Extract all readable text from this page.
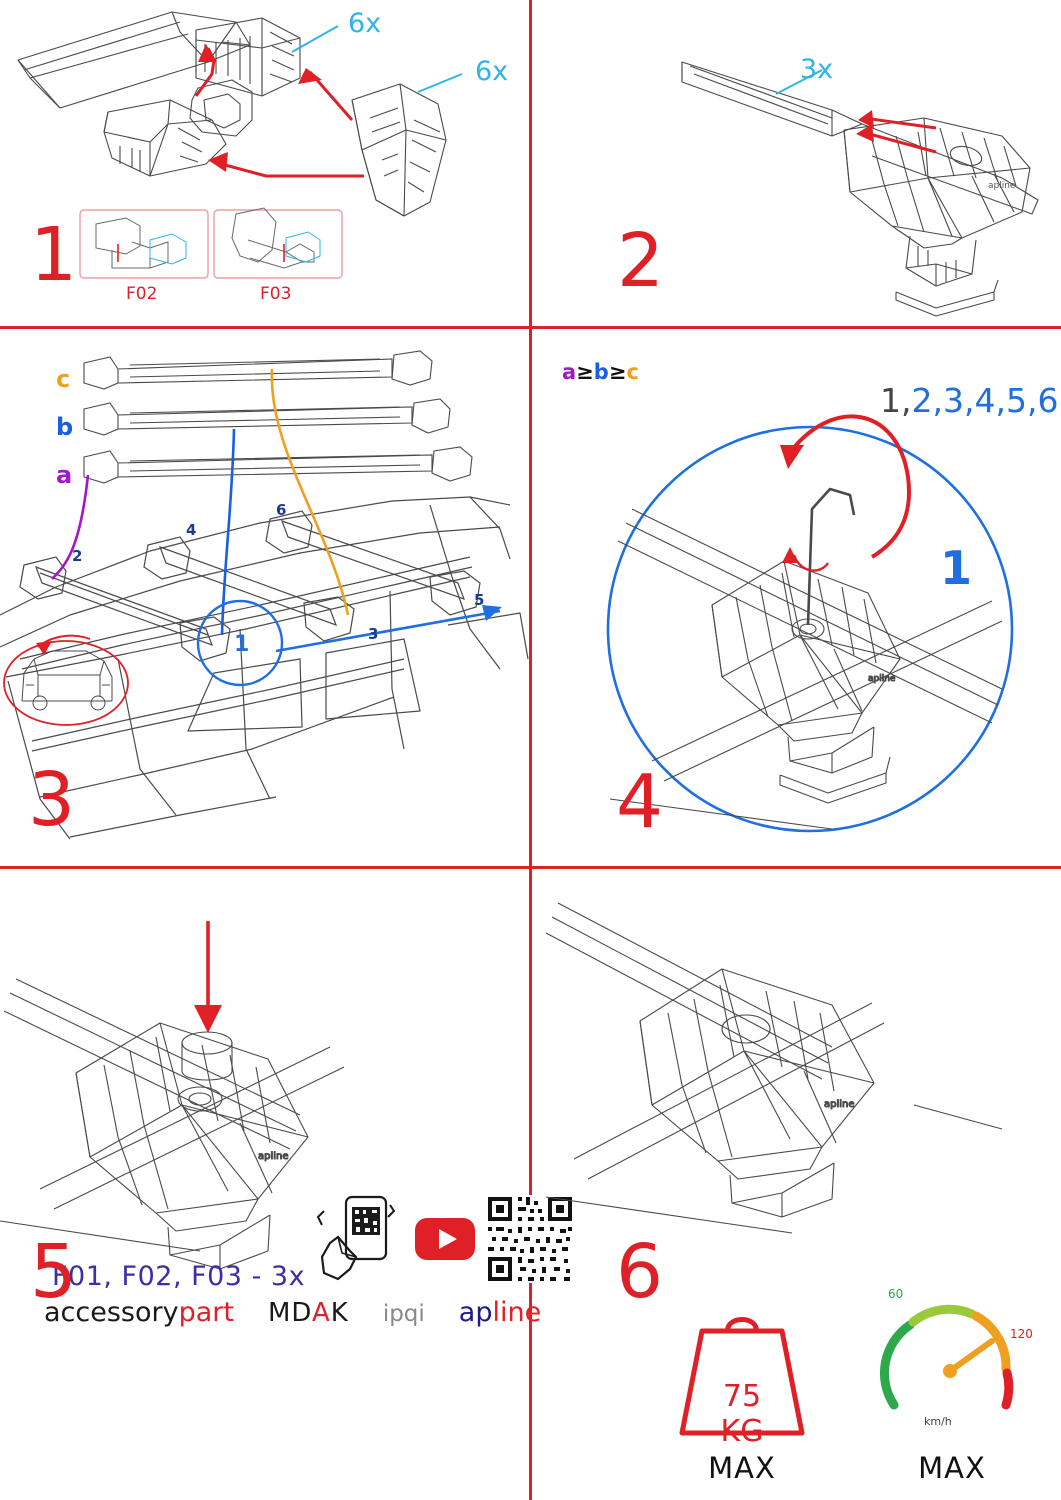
6x
6x
F02	F03
1
apline
3x
2
c
b
a
2
4
6
3
5
1
3
a≥b≥c
apline
1,2,3,4,5,6
1
4
apline
F01, F02, F03 - 3x
accessorypart MDAK ipqi apline
5
apline
75 KG
MAX
60
120
km/h
MAX
6
